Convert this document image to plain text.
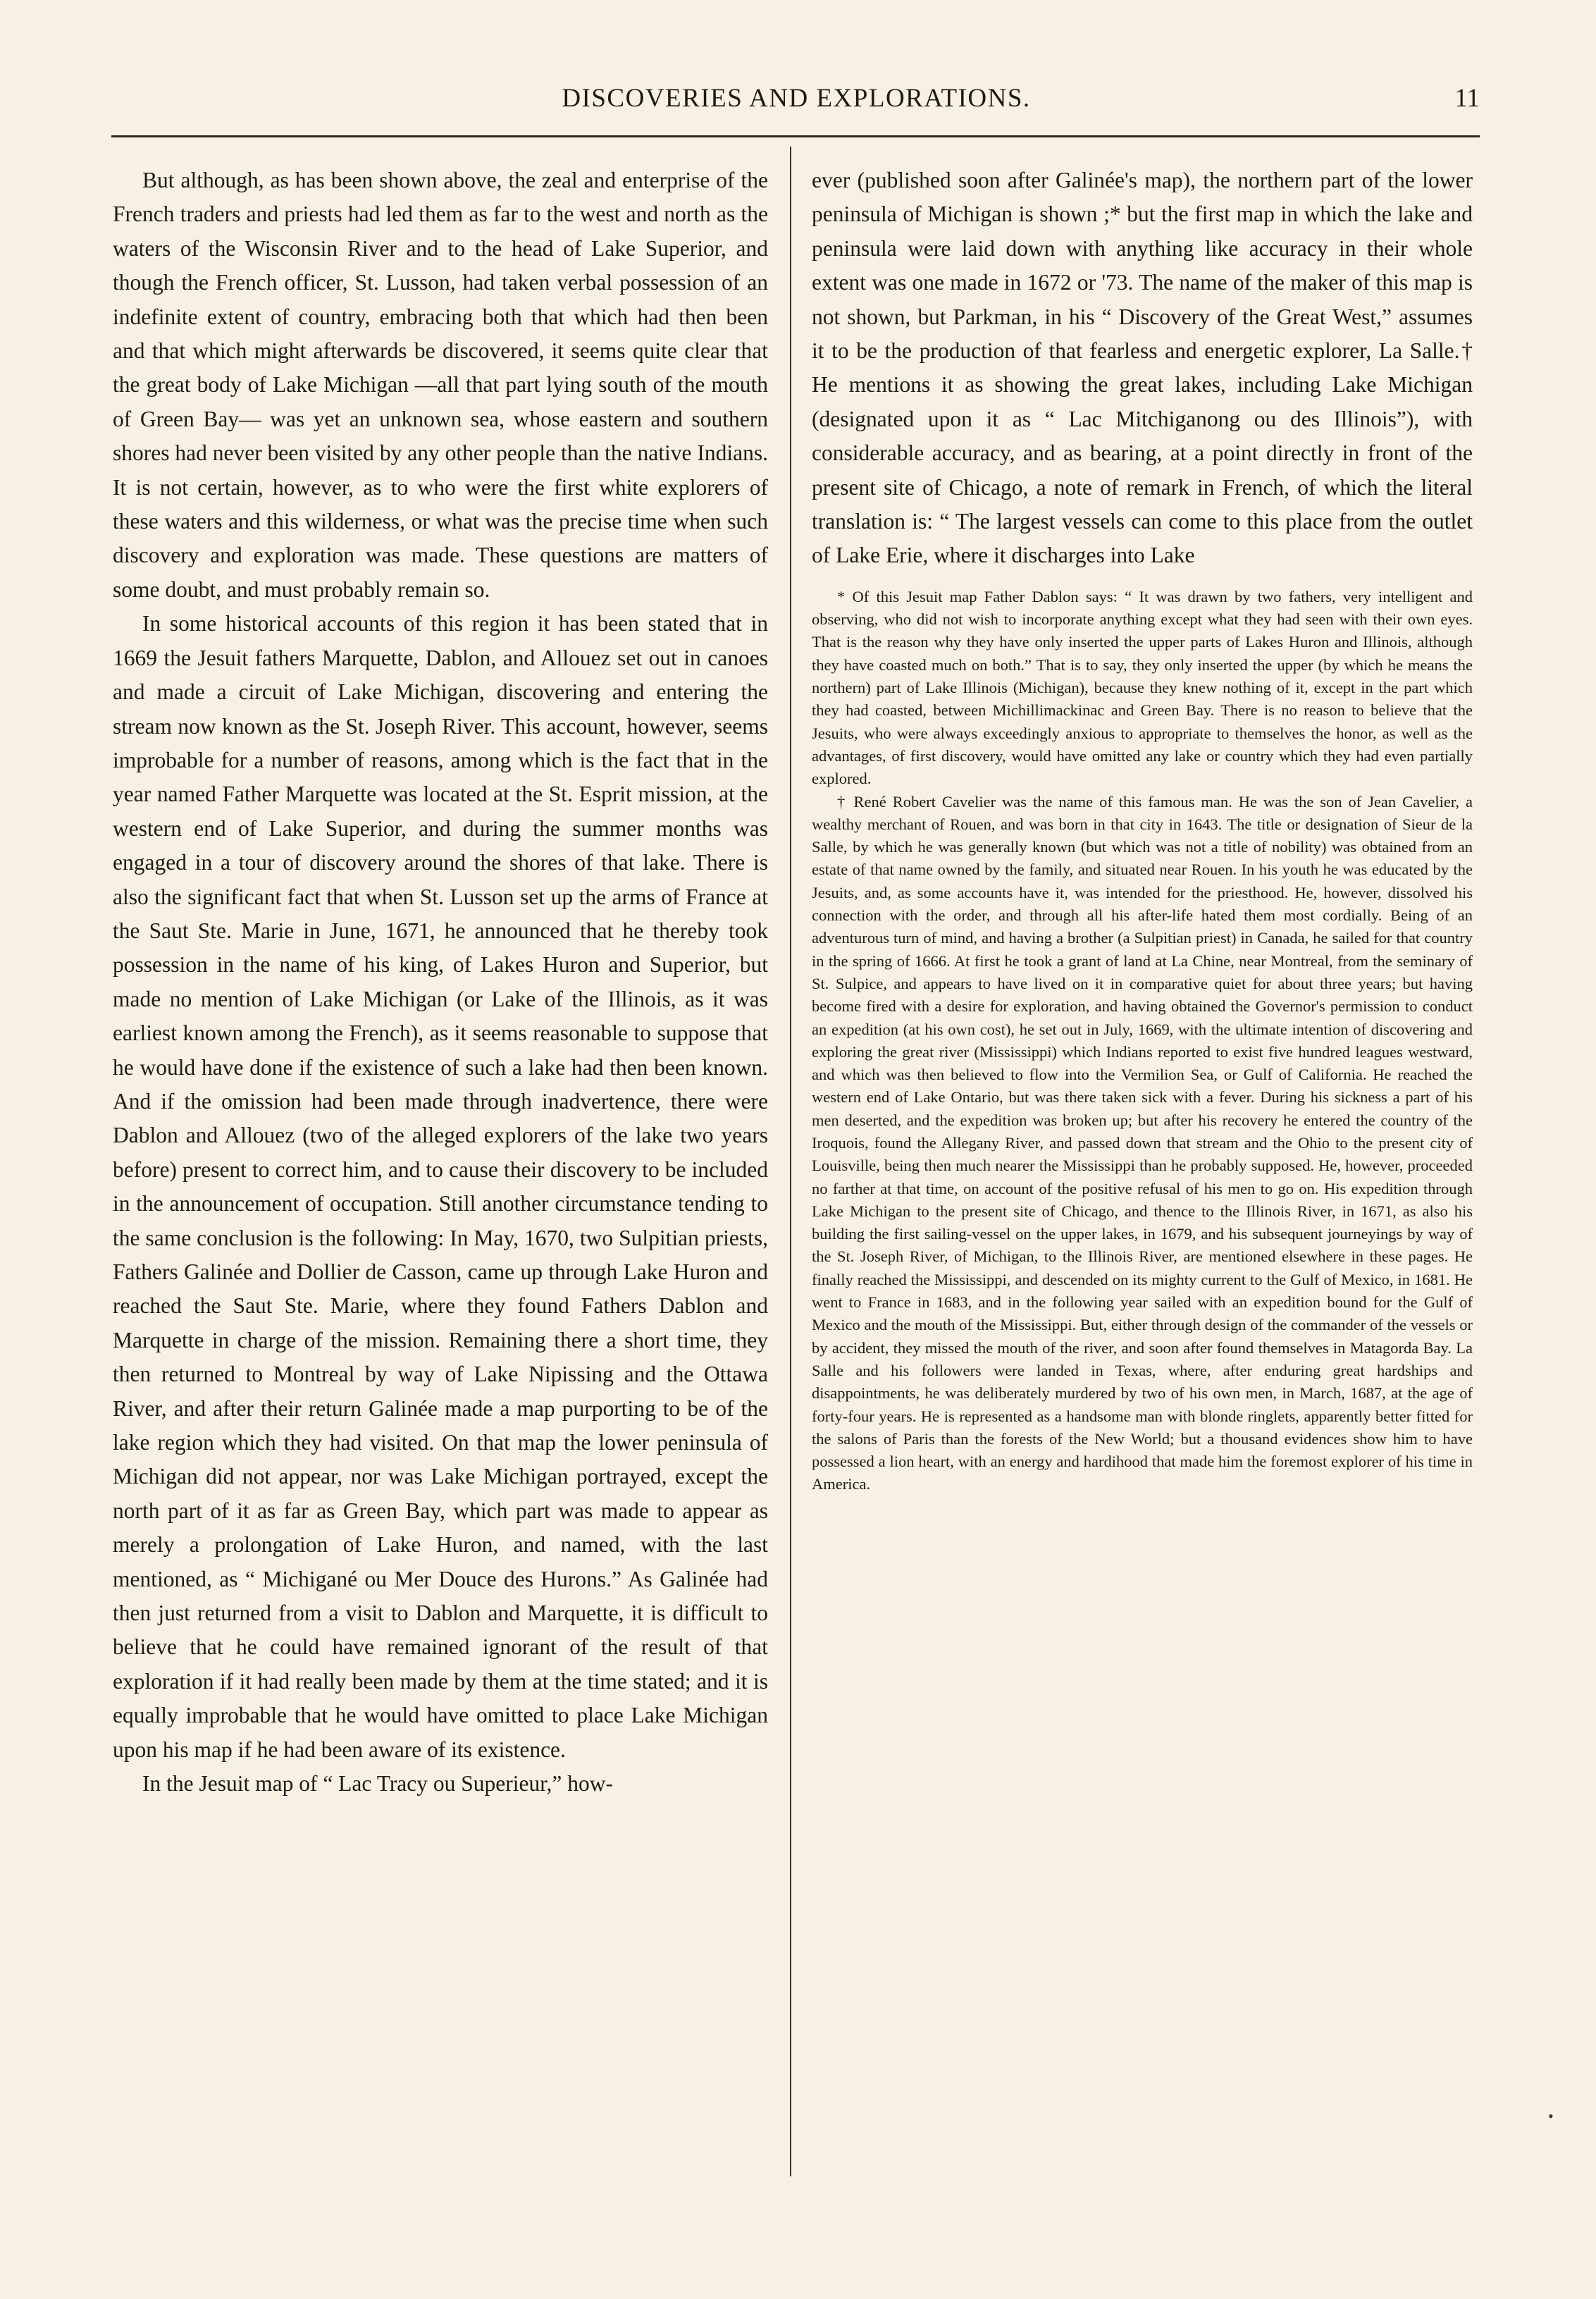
DISCOVERIES AND EXPLORATIONS.	11

But although, as has been shown above, the zeal and enterprise of the French traders and priests had led them as far to the west and north as the waters of the Wisconsin River and to the head of Lake Superior, and though the French officer, St. Lusson, had taken verbal possession of an indefinite extent of country, embracing both that which had then been and that which might afterwards be discovered, it seems quite clear that the great body of Lake Michigan —all that part lying south of the mouth of Green Bay— was yet an unknown sea, whose eastern and southern shores had never been visited by any other people than the native Indians. It is not certain, however, as to who were the first white explorers of these waters and this wilderness, or what was the precise time when such discovery and exploration was made. These questions are matters of some doubt, and must probably remain so.

In some historical accounts of this region it has been stated that in 1669 the Jesuit fathers Marquette, Dablon, and Allouez set out in canoes and made a circuit of Lake Michigan, discovering and entering the stream now known as the St. Joseph River. This account, however, seems improbable for a number of reasons, among which is the fact that in the year named Father Marquette was located at the St. Esprit mission, at the western end of Lake Superior, and during the summer months was engaged in a tour of discovery around the shores of that lake. There is also the significant fact that when St. Lusson set up the arms of France at the Saut Ste. Marie in June, 1671, he announced that he thereby took possession in the name of his king, of Lakes Huron and Superior, but made no mention of Lake Michigan (or Lake of the Illinois, as it was earliest known among the French), as it seems reasonable to suppose that he would have done if the existence of such a lake had then been known. And if the omission had been made through inadvertence, there were Dablon and Allouez (two of the alleged explorers of the lake two years before) present to correct him, and to cause their discovery to be included in the announcement of occupation. Still another circumstance tending to the same conclusion is the following: In May, 1670, two Sulpitian priests, Fathers Galinée and Dollier de Casson, came up through Lake Huron and reached the Saut Ste. Marie, where they found Fathers Dablon and Marquette in charge of the mission. Remaining there a short time, they then returned to Montreal by way of Lake Nipissing and the Ottawa River, and after their return Galinée made a map purporting to be of the lake region which they had visited. On that map the lower peninsula of Michigan did not appear, nor was Lake Michigan portrayed, except the north part of it as far as Green Bay, which part was made to appear as merely a prolongation of Lake Huron, and named, with the last mentioned, as “ Michigané ou Mer Douce des Hurons.” As Galinée had then just returned from a visit to Dablon and Marquette, it is difficult to believe that he could have remained ignorant of the result of that exploration if it had really been made by them at the time stated; and it is equally improbable that he would have omitted to place Lake Michigan upon his map if he had been aware of its existence.

In the Jesuit map of “ Lac Tracy ou Superieur,” how-

ever (published soon after Galinée's map), the northern part of the lower peninsula of Michigan is shown ;* but the first map in which the lake and peninsula were laid down with anything like accuracy in their whole extent was one made in 1672 or '73. The name of the maker of this map is not shown, but Parkman, in his “ Discovery of the Great West,” assumes it to be the production of that fearless and energetic explorer, La Salle.† He mentions it as showing the great lakes, including Lake Michigan (designated upon it as “ Lac Mitchiganong ou des Illinois”), with considerable accuracy, and as bearing, at a point directly in front of the present site of Chicago, a note of remark in French, of which the literal translation is: “ The largest vessels can come to this place from the outlet of Lake Erie, where it discharges into Lake

* Of this Jesuit map Father Dablon says: “ It was drawn by two fathers, very intelligent and observing, who did not wish to incorporate anything except what they had seen with their own eyes. That is the reason why they have only inserted the upper parts of Lakes Huron and Illinois, although they have coasted much on both.” That is to say, they only inserted the upper (by which he means the northern) part of Lake Illinois (Michigan), because they knew nothing of it, except in the part which they had coasted, between Michillimackinac and Green Bay. There is no reason to believe that the Jesuits, who were always exceedingly anxious to appropriate to themselves the honor, as well as the advantages, of first discovery, would have omitted any lake or country which they had even partially explored.

† René Robert Cavelier was the name of this famous man. He was the son of Jean Cavelier, a wealthy merchant of Rouen, and was born in that city in 1643. The title or designation of Sieur de la Salle, by which he was generally known (but which was not a title of nobility) was obtained from an estate of that name owned by the family, and situated near Rouen. In his youth he was educated by the Jesuits, and, as some accounts have it, was intended for the priesthood. He, however, dissolved his connection with the order, and through all his after-life hated them most cordially. Being of an adventurous turn of mind, and having a brother (a Sulpitian priest) in Canada, he sailed for that country in the spring of 1666. At first he took a grant of land at La Chine, near Montreal, from the seminary of St. Sulpice, and appears to have lived on it in comparative quiet for about three years; but having become fired with a desire for exploration, and having obtained the Governor's permission to conduct an expedition (at his own cost), he set out in July, 1669, with the ultimate intention of discovering and exploring the great river (Mississippi) which Indians reported to exist five hundred leagues westward, and which was then believed to flow into the Vermilion Sea, or Gulf of California. He reached the western end of Lake Ontario, but was there taken sick with a fever. During his sickness a part of his men deserted, and the expedition was broken up; but after his recovery he entered the country of the Iroquois, found the Allegany River, and passed down that stream and the Ohio to the present city of Louisville, being then much nearer the Mississippi than he probably supposed. He, however, proceeded no farther at that time, on account of the positive refusal of his men to go on. His expedition through Lake Michigan to the present site of Chicago, and thence to the Illinois River, in 1671, as also his building the first sailing-vessel on the upper lakes, in 1679, and his subsequent journeyings by way of the St. Joseph River, of Michigan, to the Illinois River, are mentioned elsewhere in these pages. He finally reached the Mississippi, and descended on its mighty current to the Gulf of Mexico, in 1681. He went to France in 1683, and in the following year sailed with an expedition bound for the Gulf of Mexico and the mouth of the Mississippi. But, either through design of the commander of the vessels or by accident, they missed the mouth of the river, and soon after found themselves in Matagorda Bay. La Salle and his followers were landed in Texas, where, after enduring great hardships and disappointments, he was deliberately murdered by two of his own men, in March, 1687, at the age of forty-four years. He is represented as a handsome man with blonde ringlets, apparently better fitted for the salons of Paris than the forests of the New World; but a thousand evidences show him to have possessed a lion heart, with an energy and hardihood that made him the foremost explorer of his time in America.

•
